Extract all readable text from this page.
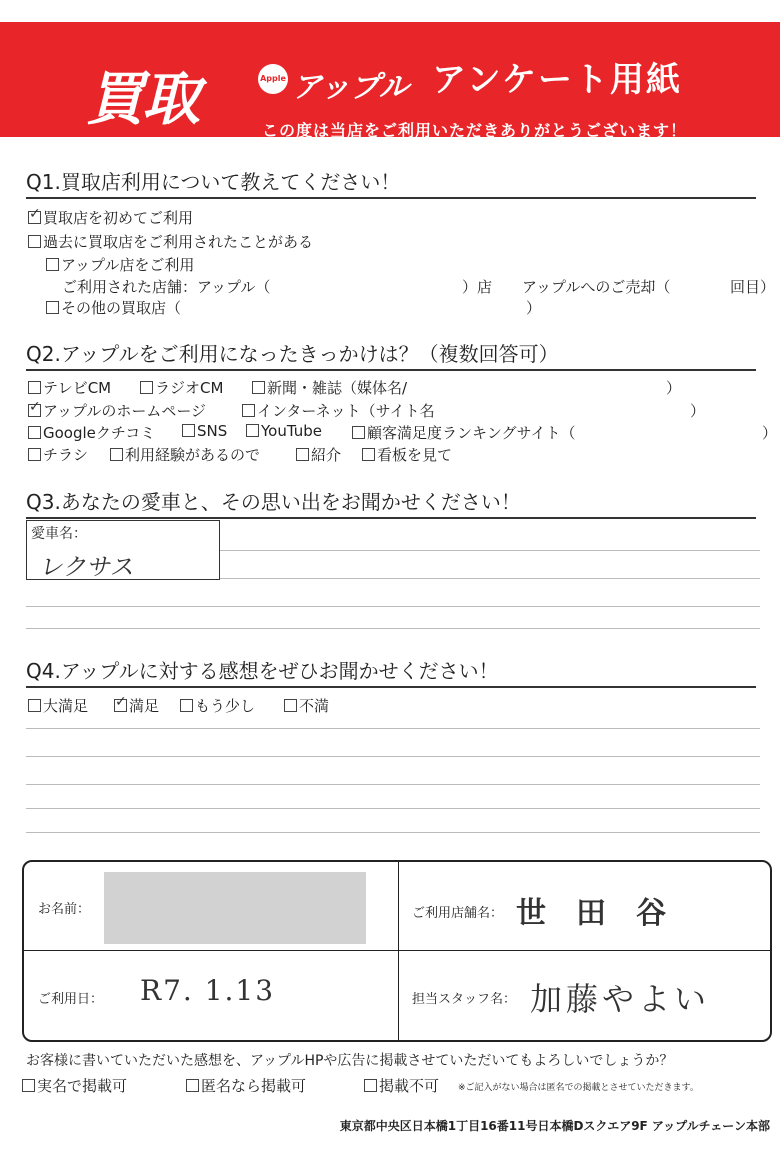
買取	Apple アップル アンケート用紙
この度は当店をご利用いただきありがとうございます！
Q1.買取店利用について教えてください！
✓ 買取店を初めてご利用
過去に買取店をご利用されたことがある
アップル店をご利用
ご利用された店舗：アップル（	）店 アップルへのご売却（	回目）
その他の買取店（	）
Q2.アップルをご利用になったきっかけは？（複数回答可）
テレビCM	ラジオCM	新聞・雑誌（媒体名/	）
✓ アップルのホームページ	インターネット（サイト名	）
Googleクチコミ	SNS	YouTube	顧客満足度ランキングサイト（	）
チラシ	利用経験があるので	紹介	看板を見て
Q3.あなたの愛車と、その思い出をお聞かせください！
愛車名：
レクサス
Q4.アップルに対する感想をぜひお聞かせください！
大満足 ✓ 満足	もう少し	不満
お名前：	ご利用店舗名： 世　田　谷
ご利用日： R7. 1.13	担当スタッフ名： 加藤やよい
お客様に書いていただいた感想を、アップルHPや広告に掲載させていただいてもよろしいでしょうか？
実名で掲載可	匿名なら掲載可	掲載不可 ※ご記入がない場合は匿名での掲載とさせていただきます。
東京都中央区日本橋1丁目16番11号日本橋Dスクエア9F アップルチェーン本部
